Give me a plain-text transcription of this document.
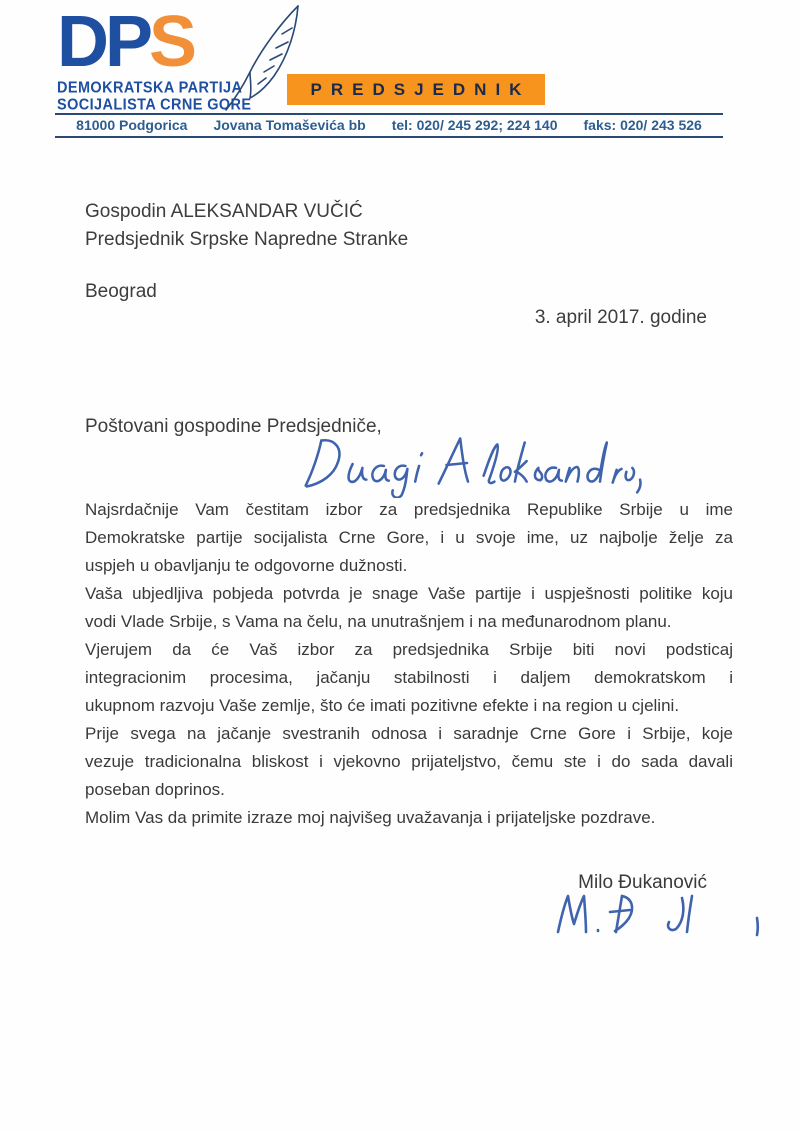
DPS
DEMOKRATSKA PARTIJA
SOCIJALISTA CRNE GORE
PREDSJEDNIK
81000 Podgorica Jovana Tomaševića bb tel: 020/ 245 292; 224 140 faks: 020/ 243 526
Gospodin ALEKSANDAR VUČIĆ
Predsjednik Srpske Napredne Stranke
Beograd
3. april 2017. godine
Poštovani gospodine Predsjedniče,
Najsrdačnije Vam čestitam izbor za predsjednika Republike Srbije u ime
Demokratske partije socijalista Crne Gore, i u svoje ime, uz najbolje želje za
uspjeh u obavljanju te odgovorne dužnosti.
Vaša ubjedljiva pobjeda potvrda je snage Vaše partije i uspješnosti politike koju
vodi Vlade Srbije, s Vama na čelu, na unutrašnjem i na međunarodnom planu.
Vjerujem da će Vaš izbor za predsjednika Srbije biti novi podsticaj
integracionim procesima, jačanju stabilnosti i daljem demokratskom i
ukupnom razvoju Vaše zemlje, što će imati pozitivne efekte i na region u cjelini.
Prije svega na jačanje svestranih odnosa i saradnje Crne Gore i Srbije, koje
vezuje tradicionalna bliskost i vjekovno prijateljstvo, čemu ste i do sada davali
poseban doprinos.
Molim Vas da primite izraze moj najvišeg uvažavanja i prijateljske pozdrave.
Milo Đukanović
